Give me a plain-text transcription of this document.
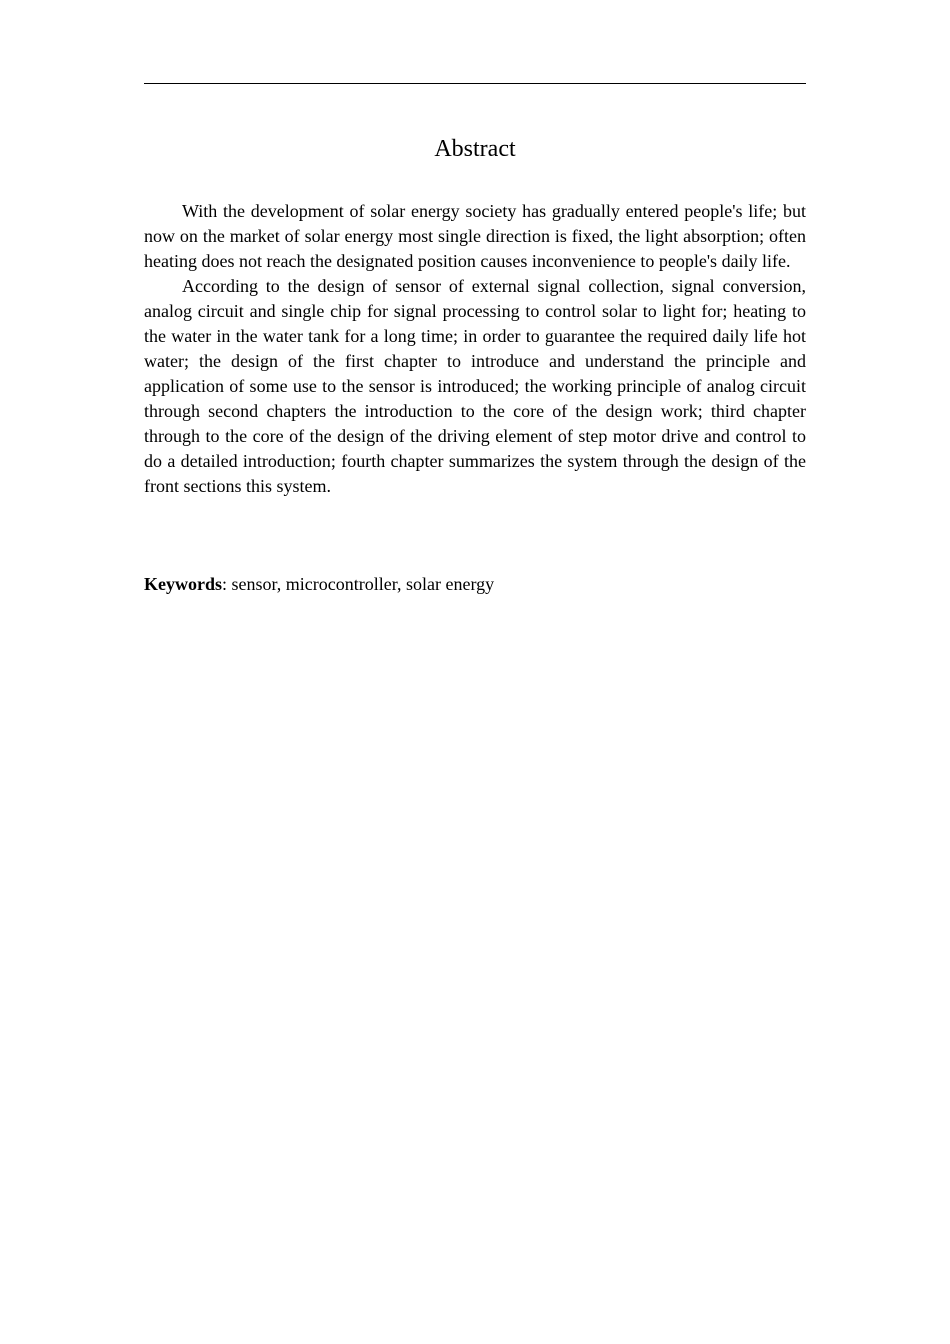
Abstract

With the development of solar energy society has gradually entered people's life; but now on the market of solar energy most single direction is fixed, the light absorption; often heating does not reach the designated position causes inconvenience to people's daily life.

According to the design of sensor of external signal collection, signal conversion, analog circuit and single chip for signal processing to control solar to light for; heating to the water in the water tank for a long time; in order to guarantee the required daily life hot water; the design of the first chapter to introduce and understand the principle and application of some use to the sensor is introduced; the working principle of analog circuit through second chapters the introduction to the core of the design work; third chapter through to the core of the design of the driving element of step motor drive and control to do a detailed introduction; fourth chapter summarizes the system through the design of the front sections this system.

Keywords: sensor, microcontroller, solar energy
